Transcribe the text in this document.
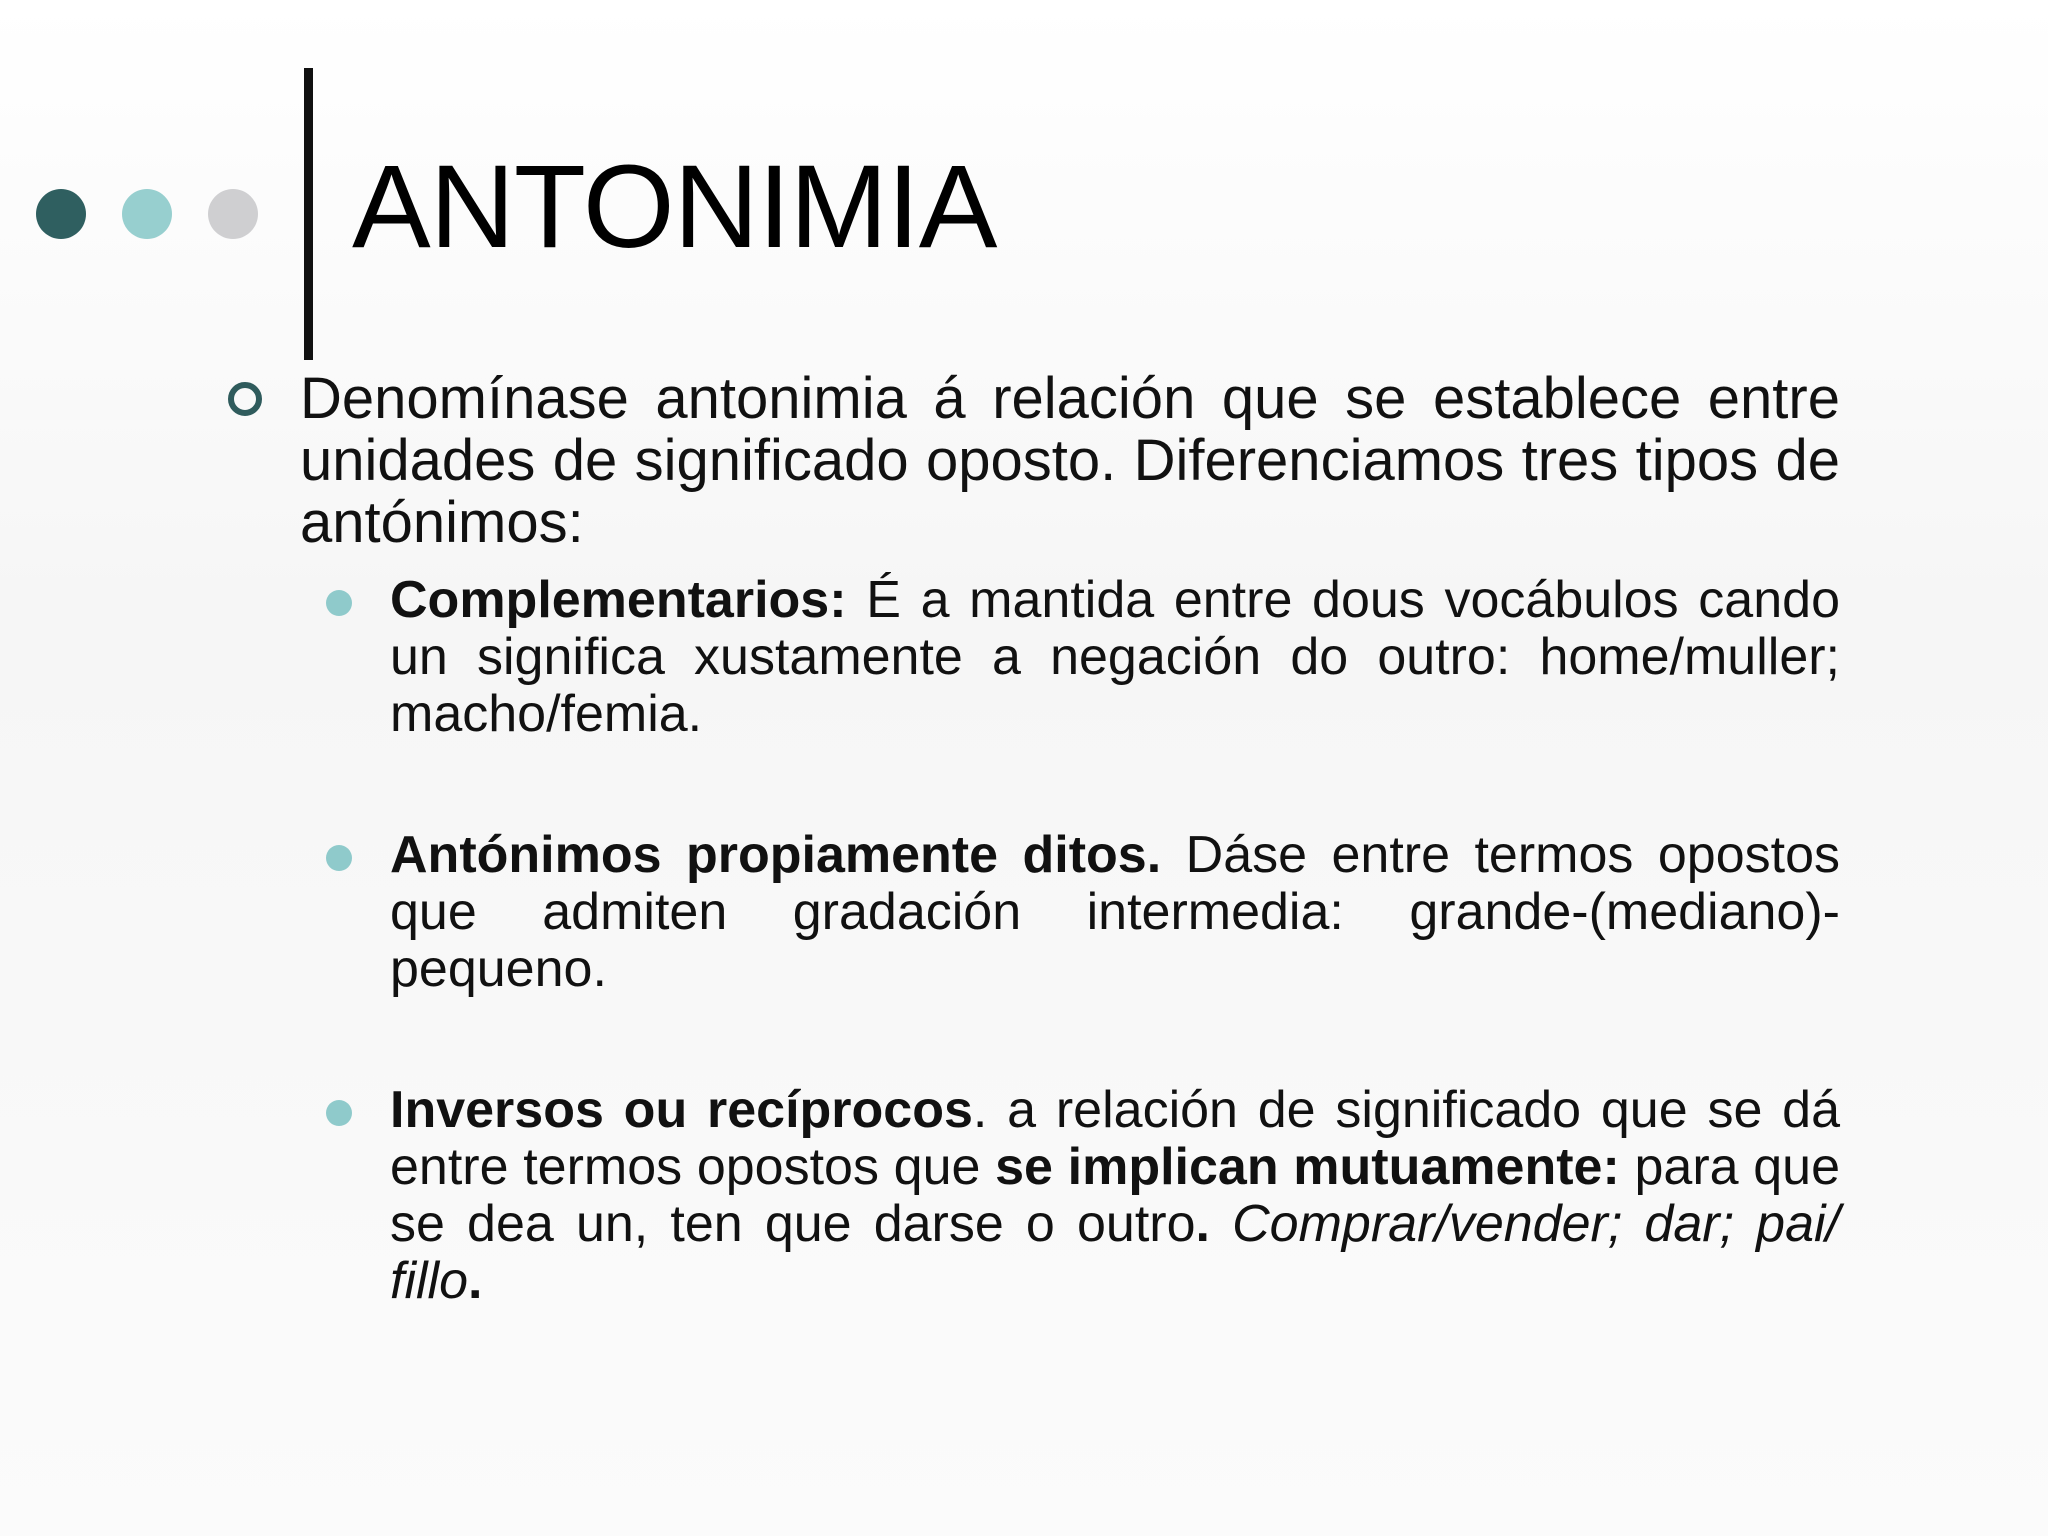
ANTONIMIA
Denomínase antonimia á relación que se establece entre unidades de significado oposto. Diferenciamos tres tipos de antónimos:
Complementarios: É a mantida entre dous vocábulos cando un significa xustamente a negación do outro: home/muller; macho/femia.
Antónimos propiamente ditos. Dáse entre termos opostos que admiten gradación intermedia: grande-(mediano)- pequeno.
Inversos ou recíprocos. a relación de significado que se dá entre termos opostos que se implican mutuamente: para que se dea un, ten que darse o outro. Comprar/vender; dar; pai/ fillo.
